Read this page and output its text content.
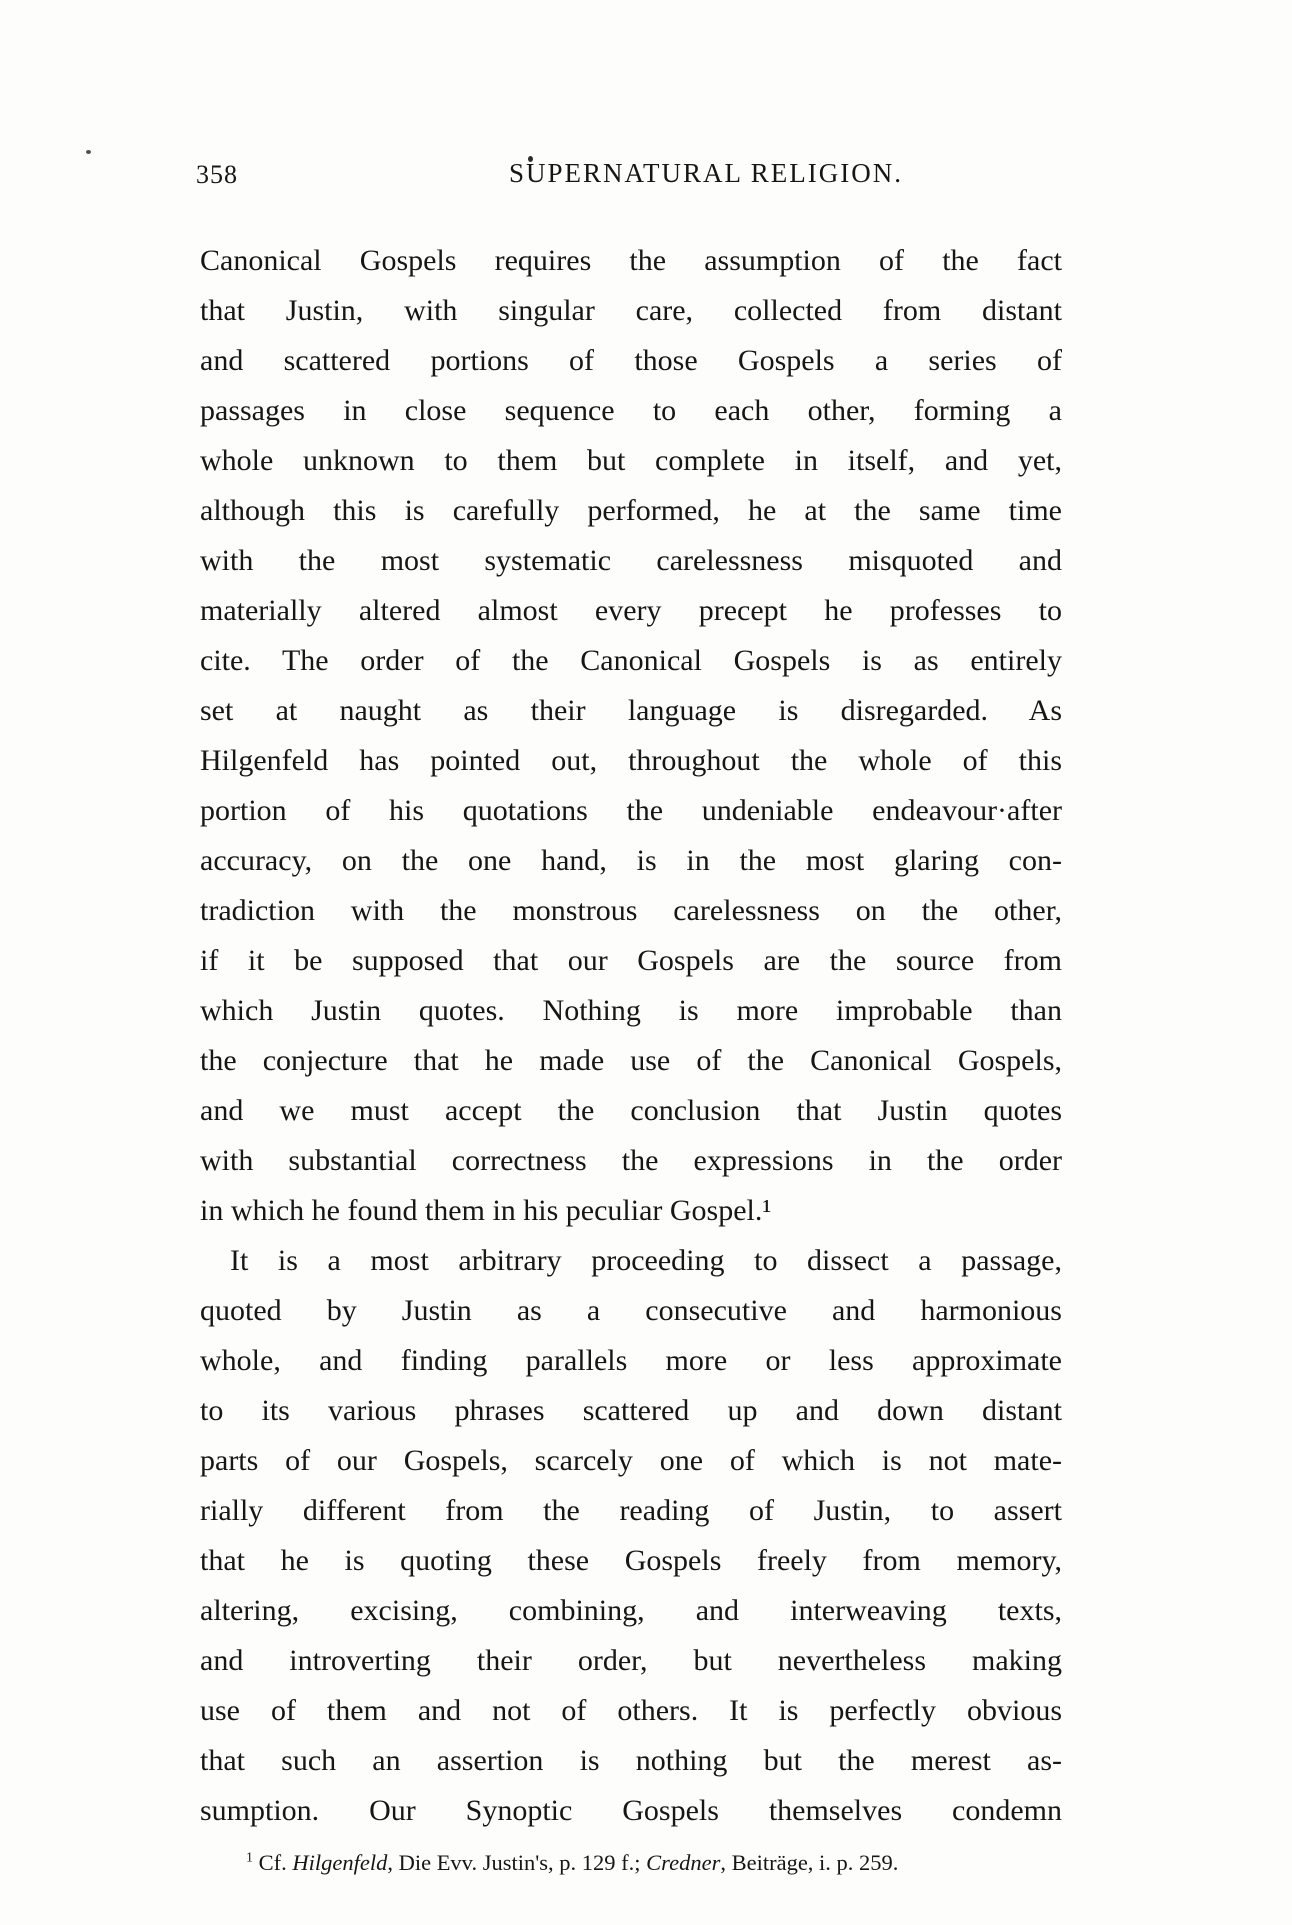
358	SUPERNATURAL RELIGION.
Canonical Gospels requires the assumption of the fact
that Justin, with singular care, collected from distant
and scattered portions of those Gospels a series of
passages in close sequence to each other, forming a
whole unknown to them but complete in itself, and yet,
although this is carefully performed, he at the same time
with the most systematic carelessness misquoted and
materially altered almost every precept he professes to
cite. The order of the Canonical Gospels is as entirely
set at naught as their language is disregarded. As
Hilgenfeld has pointed out, throughout the whole of this
portion of his quotations the undeniable endeavour·after
accuracy, on the one hand, is in the most glaring con-
tradiction with the monstrous carelessness on the other,
if it be supposed that our Gospels are the source from
which Justin quotes. Nothing is more improbable than
the conjecture that he made use of the Canonical Gospels,
and we must accept the conclusion that Justin quotes
with substantial correctness the expressions in the order
in which he found them in his peculiar Gospel.¹
It is a most arbitrary proceeding to dissect a passage,
quoted by Justin as a consecutive and harmonious
whole, and finding parallels more or less approximate
to its various phrases scattered up and down distant
parts of our Gospels, scarcely one of which is not mate-
rially different from the reading of Justin, to assert
that he is quoting these Gospels freely from memory,
altering, excising, combining, and interweaving texts,
and introverting their order, but nevertheless making
use of them and not of others. It is perfectly obvious
that such an assertion is nothing but the merest as-
sumption. Our Synoptic Gospels themselves condemn
$^1$ Cf. Hilgenfeld, Die Evv. Justin's, p. 129 f.; Credner, Beiträge, i. p. 259.
